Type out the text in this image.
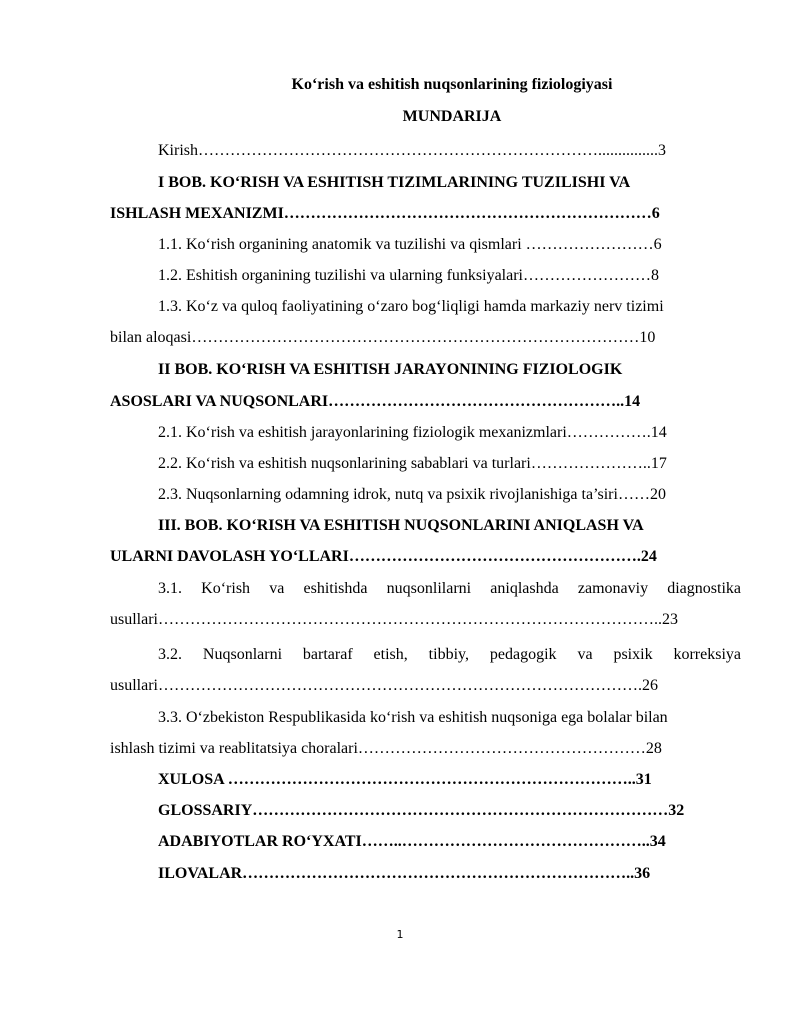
Ko‘rish va eshitish nuqsonlarining fiziologiyasi
MUNDARIJA
Kirish…………………………………………………………………...............3
I BOB. KO‘RISH VA ESHITISH TIZIMLARINING TUZILISHI VA
ISHLASH MEXANIZMI……………………………………………………………6
1.1. Ko‘rish organining anatomik va tuzilishi va qismlari ……………………6
1.2. Eshitish organining tuzilishi va ularning funksiyalari……………………8
1.3. Ko‘z va quloq faoliyatining o‘zaro bog‘liqligi hamda markaziy nerv tizimi
bilan aloqasi…………………………………………………………………………10
II BOB. KO‘RISH VA ESHITISH JARAYONINING FIZIOLOGIK
ASOSLARI VA NUQSONLARI………………………………………………..14
2.1. Ko‘rish va eshitish jarayonlarining fiziologik mexanizmlari…………….14
2.2. Ko‘rish va eshitish nuqsonlarining sabablari va turlari…………………..17
2.3. Nuqsonlarning odamning idrok, nutq va psixik rivojlanishiga ta’siri……20
III. BOB. KO‘RISH VA ESHITISH NUQSONLARINI ANIQLASH VA
ULARNI DAVOLASH YO‘LLARI……………………………………………….24
3.1. Ko‘rish va eshitishda nuqsonlilarni aniqlashda zamonaviy diagnostika
usullari…………………………………………………………………………………..23
3.2. Nuqsonlarni bartaraf etish, tibbiy, pedagogik va psixik korreksiya
usullari……………………………………………………………………………….26
3.3. O‘zbekiston Respublikasida ko‘rish va eshitish nuqsoniga ega bolalar bilan
ishlash tizimi va reablitatsiya choralari………………………………………………28
XULOSA …………………………………………………………………..31
GLOSSARIY……………………………………………………………………32
ADABIYOTLAR RO‘YXATI……..………………………………………..34
ILOVALAR………………………………………………………………..36
1
